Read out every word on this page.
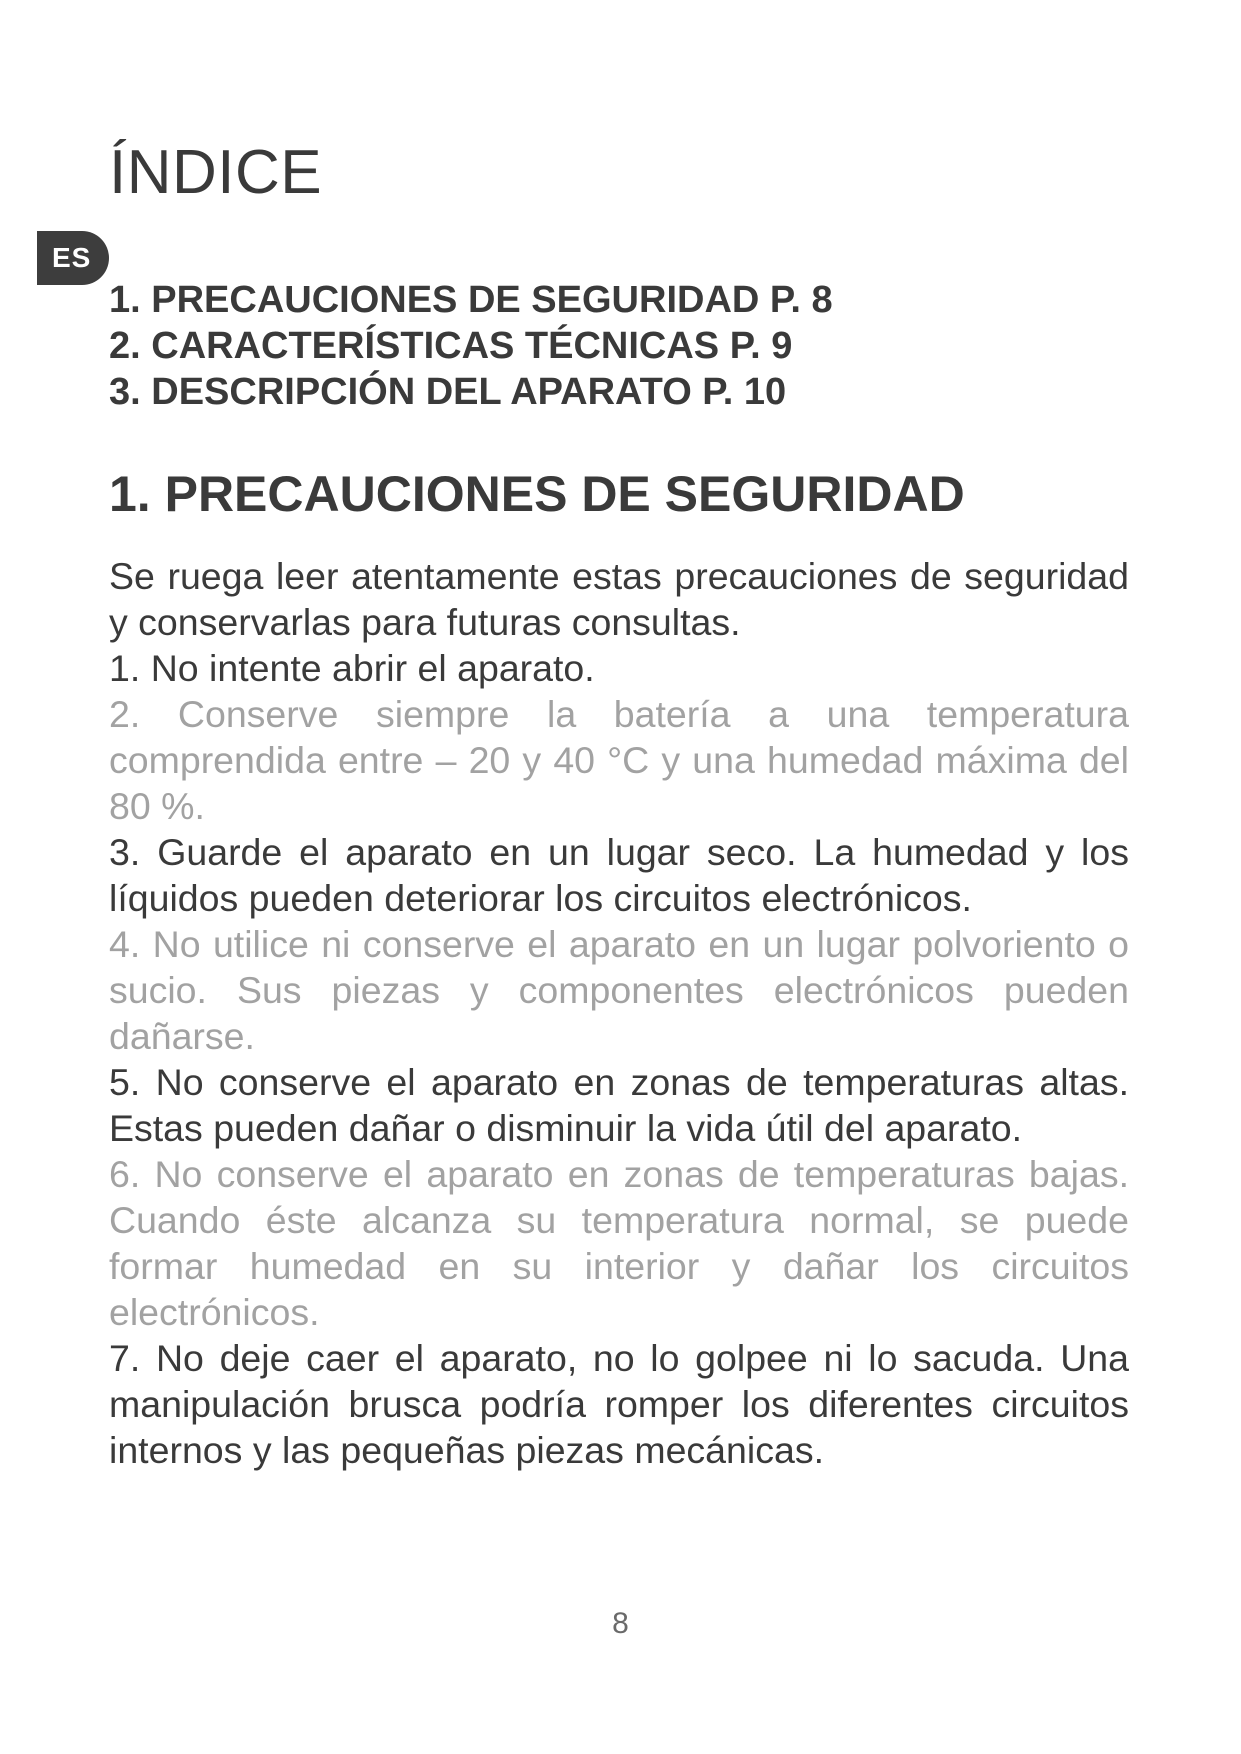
ES
ÍNDICE
1. PRECAUCIONES DE SEGURIDAD P. 8
2. CARACTERÍSTICAS TÉCNICAS P. 9
3. DESCRIPCIÓN DEL APARATO P. 10
1. PRECAUCIONES DE SEGURIDAD

Se ruega leer atentamente estas precauciones de seguridad y conservarlas para futuras consultas.

1. No intente abrir el aparato.

2. Conserve siempre la batería a una temperatura comprendida entre – 20 y 40 °C y una humedad máxima del 80 %.

3. Guarde el aparato en un lugar seco. La humedad y los líquidos pueden deteriorar los circuitos electrónicos.

4. No utilice ni conserve el aparato en un lugar polvoriento o sucio. Sus piezas y componentes electrónicos pueden dañarse.

5. No conserve el aparato en zonas de temperaturas altas. Estas pueden dañar o disminuir la vida útil del aparato.

6. No conserve el aparato en zonas de temperaturas bajas. Cuando éste alcanza su temperatura normal, se puede formar humedad en su interior y dañar los circuitos electrónicos.

7. No deje caer el aparato, no lo golpee ni lo sacuda. Una manipulación brusca podría romper los diferentes circuitos internos y las pequeñas piezas mecánicas.

8
